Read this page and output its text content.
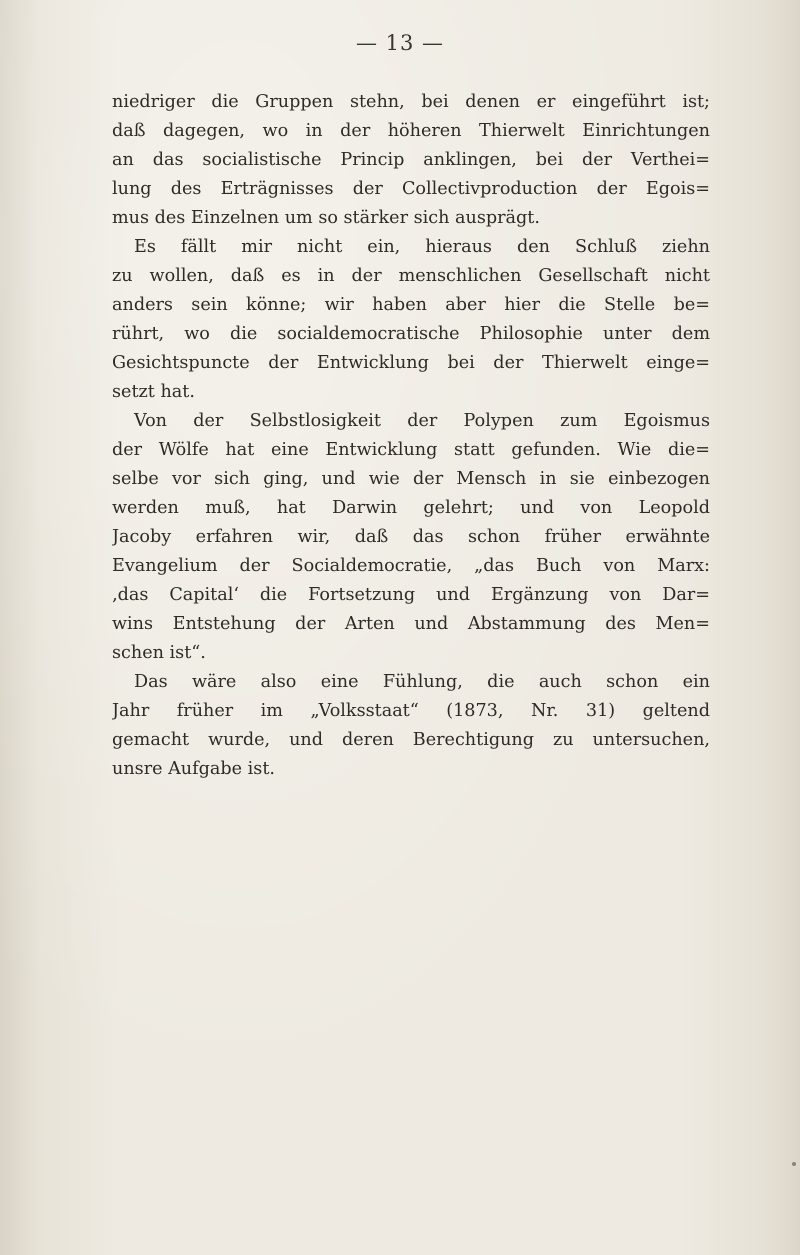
— 13 —
niedriger die Gruppen stehn, bei denen er eingeführt ist;
daß dagegen, wo in der höheren Thierwelt Einrichtungen
an das socialistische Princip anklingen, bei der Verthei=
lung des Erträgnisses der Collectivproduction der Egois=
mus des Einzelnen um so stärker sich ausprägt.
Es fällt mir nicht ein, hieraus den Schluß ziehn
zu wollen, daß es in der menschlichen Gesellschaft nicht
anders sein könne; wir haben aber hier die Stelle be=
rührt, wo die socialdemocratische Philosophie unter dem
Gesichtspuncte der Entwicklung bei der Thierwelt einge=
setzt hat.
Von der Selbstlosigkeit der Polypen zum Egoismus
der Wölfe hat eine Entwicklung statt gefunden. Wie die=
selbe vor sich ging, und wie der Mensch in sie einbezogen
werden muß, hat Darwin gelehrt; und von Leopold
Jacoby erfahren wir, daß das schon früher erwähnte
Evangelium der Socialdemocratie, „das Buch von Marx:
‚das Capital‘ die Fortsetzung und Ergänzung von Dar=
wins Entstehung der Arten und Abstammung des Men=
schen ist“.
Das wäre also eine Fühlung, die auch schon ein
Jahr früher im „Volksstaat“ (1873, Nr. 31) geltend
gemacht wurde, und deren Berechtigung zu untersuchen,
unsre Aufgabe ist.
